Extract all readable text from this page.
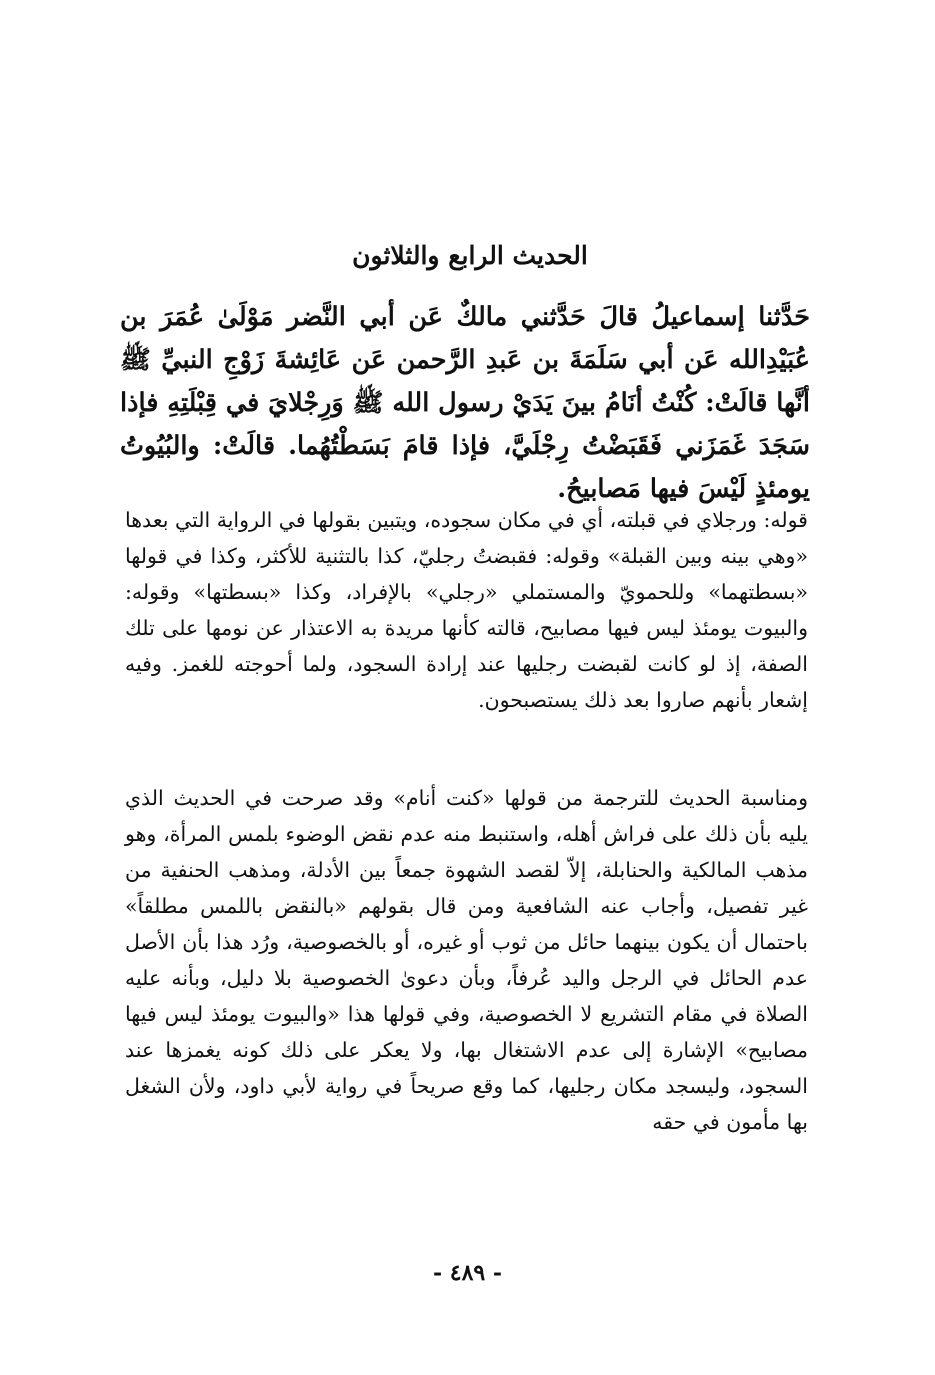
الحديث الرابع والثلاثون

حَدَّثنا إسماعيلُ قالَ حَدَّثني مالكٌ عَن أبي النَّضر مَوْلَىٰ عُمَرَ بن عُبَيْدِالله عَن أبي سَلَمَةَ بن عَبدِ الرَّحمن عَن عَائِشةَ زَوْجِ النبيِّ ﷺ أنَّها قالَتْ: كُنْتُ أنَامُ بينَ يَدَيْ رسول الله ﷺ وَرِجْلايَ في قِبْلَتِهِ فإذا سَجَدَ غَمَزَني فَقَبَضْتُ رِجْلَيَّ، فإذا قامَ بَسَطْتُهُما. قالَتْ: والبُيُوتُ يومئذٍ لَيْسَ فيها مَصابيحُ.

قوله: ورجلاي في قبلته، أي في مكان سجوده، ويتبين بقولها في الرواية التي بعدها «وهي بينه وبين القبلة» وقوله: فقبضتُ رجليّ، كذا بالتثنية للأكثر، وكذا في قولها «بسطتهما» وللحمويّ والمستملي «رجلي» بالإفراد، وكذا «بسطتها» وقوله: والبيوت يومئذ ليس فيها مصابيح، قالته كأنها مريدة به الاعتذار عن نومها على تلك الصفة، إذ لو كانت لقبضت رجليها عند إرادة السجود، ولما أحوجته للغمز. وفيه إشعار بأنهم صاروا بعد ذلك يستصبحون.

ومناسبة الحديث للترجمة من قولها «كنت أنام» وقد صرحت في الحديث الذي يليه بأن ذلك على فراش أهله، واستنبط منه عدم نقض الوضوء بلمس المرأة، وهو مذهب المالكية والحنابلة، إلاّ لقصد الشهوة جمعاً بين الأدلة، ومذهب الحنفية من غير تفصيل، وأجاب عنه الشافعية ومن قال بقولهم «بالنقض باللمس مطلقاً» باحتمال أن يكون بينهما حائل من ثوب أو غيره، أو بالخصوصية، ورُد هذا بأن الأصل عدم الحائل في الرجل واليد عُرفاً، وبأن دعوىٰ الخصوصية بلا دليل، وبأنه عليه الصلاة في مقام التشريع لا الخصوصية، وفي قولها هذا «والبيوت يومئذ ليس فيها مصابيح» الإشارة إلى عدم الاشتغال بها، ولا يعكر على ذلك كونه يغمزها عند السجود، وليسجد مكان رجليها، كما وقع صريحاً في رواية لأبي داود، ولأن الشغل بها مأمون في حقه

- ٤٨٩ -
